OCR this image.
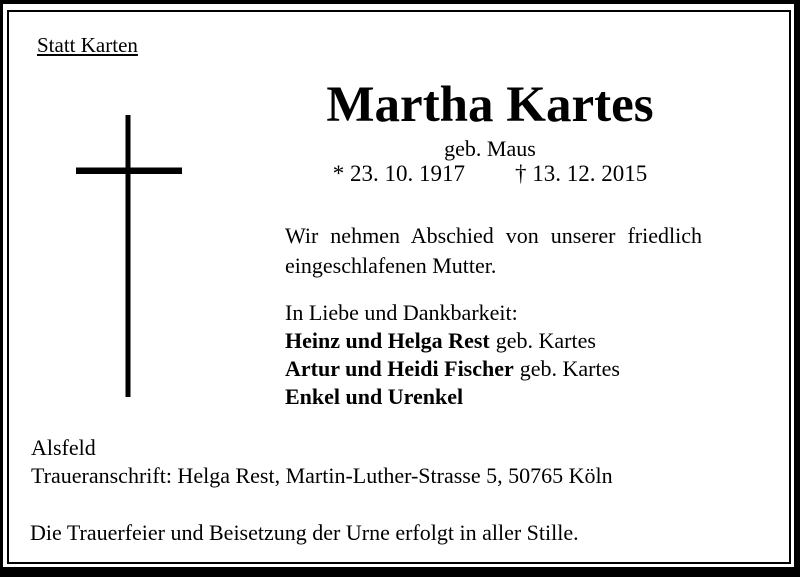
Statt Karten
Martha Kartes
geb. Maus
* 23. 10. 1917 † 13. 12. 2015

Wir nehmen Abschied von unserer friedlich eingeschlafenen Mutter.

In Liebe und Dankbarkeit:
Heinz und Helga Rest geb. Kartes
Artur und Heidi Fischer geb. Kartes
Enkel und Urenkel
Alsfeld
Traueranschrift: Helga Rest, Martin-Luther-Strasse 5, 50765 Köln
Die Trauerfeier und Beisetzung der Urne erfolgt in aller Stille.
